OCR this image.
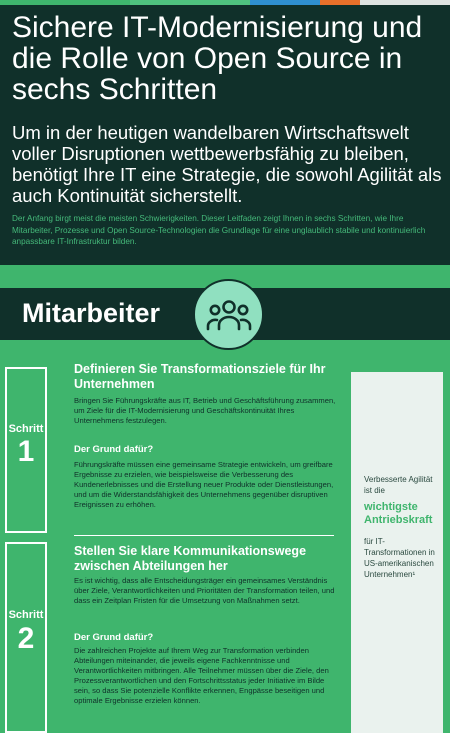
Sichere IT-Modernisierung und die Rolle von Open Source in sechs Schritten

Um in der heutigen wandelbaren Wirtschaftswelt voller Disruptionen wettbewerbsfähig zu bleiben, benötigt Ihre IT eine Strategie, die sowohl Agilität als auch Kontinuität sicherstellt.

Der Anfang birgt meist die meisten Schwierigkeiten. Dieser Leitfaden zeigt Ihnen in sechs Schritten, wie Ihre Mitarbeiter, Prozesse und Open Source-Technologien die Grundlage für eine unglaublich stabile und kontinuierlich anpassbare IT-Infrastruktur bilden.

Mitarbeiter
Schritt
1
Definieren Sie Transformationsziele für Ihr Unternehmen

Bringen Sie Führungskräfte aus IT, Betrieb und Geschäftsführung zusammen, um Ziele für die IT-Modernisierung und Geschäftskontinuität Ihres Unternehmens festzulegen.

Der Grund dafür?

Führungskräfte müssen eine gemeinsame Strategie entwickeln, um greifbare Ergebnisse zu erzielen, wie beispielsweise die Verbesserung des Kundenerlebnisses und die Erstellung neuer Produkte oder Dienstleistungen, und um die Widerstandsfähigkeit des Unternehmens gegenüber disruptiven Ereignissen zu erhöhen.

Schritt
2
Stellen Sie klare Kommunikationswege zwischen Abteilungen her

Es ist wichtig, dass alle Entscheidungsträger ein gemeinsames Verständnis über Ziele, Verantwortlichkeiten und Prioritäten der Transformation teilen, und dass ein Zeitplan Fristen für die Umsetzung von Maßnahmen setzt.

Der Grund dafür?

Die zahlreichen Projekte auf Ihrem Weg zur Transformation verbinden Abteilungen miteinander, die jeweils eigene Fachkenntnisse und Verantwortlichkeiten mitbringen. Alle Teilnehmer müssen über die Ziele, den Prozessverantwortlichen und den Fortschrittsstatus jeder Initiative im Bilde sein, so dass Sie potenzielle Konflikte erkennen, Engpässe beseitigen und optimale Ergebnisse erzielen können.

Verbesserte Agilität ist die

wichtigste Antriebskraft

für IT-Transformationen in US-amerikanischen Unternehmen¹
